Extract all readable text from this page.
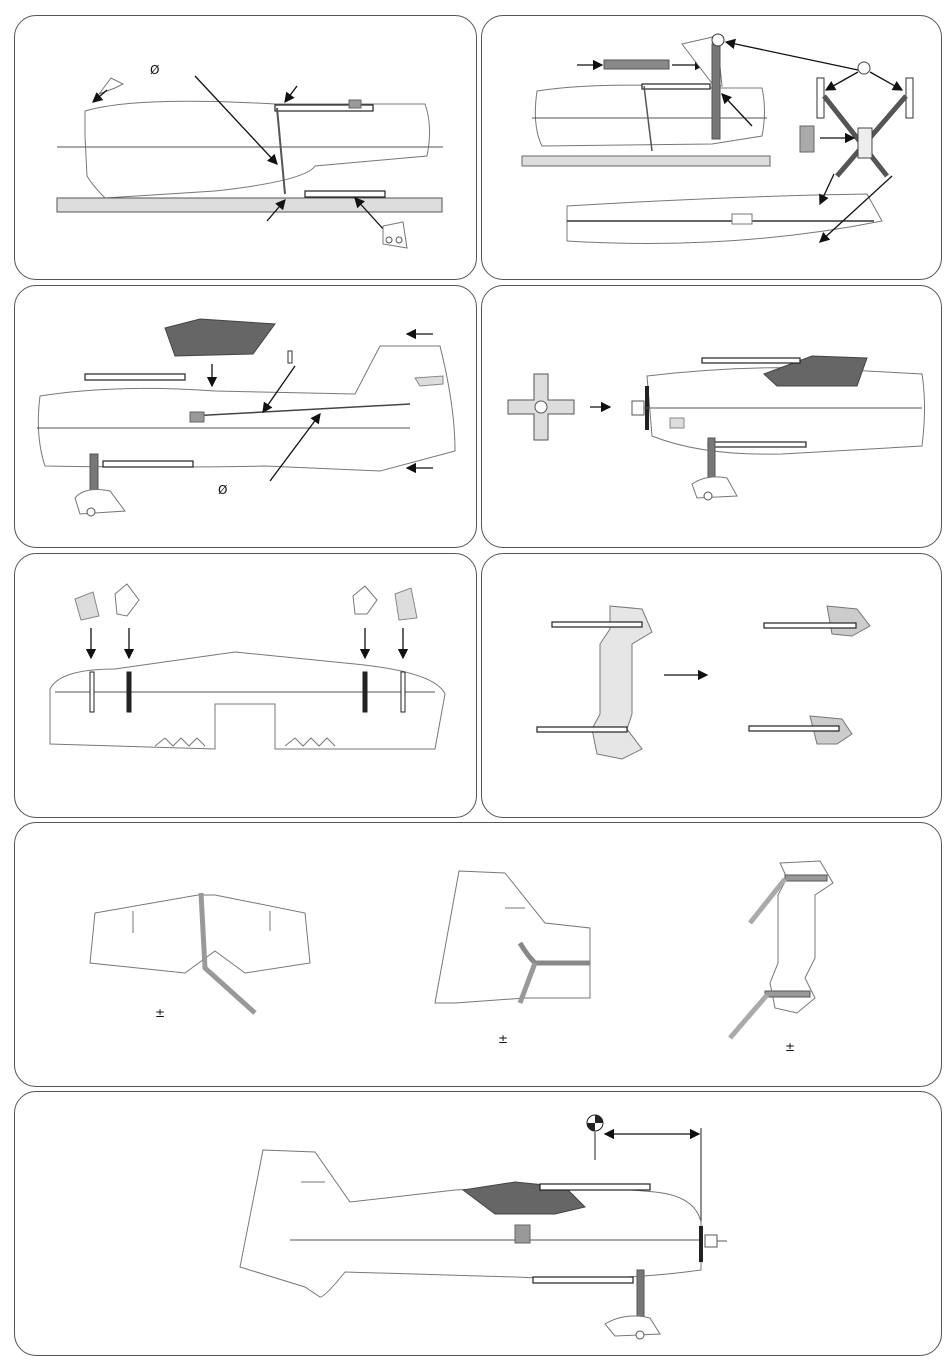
Ø
Ø
±
±
±
